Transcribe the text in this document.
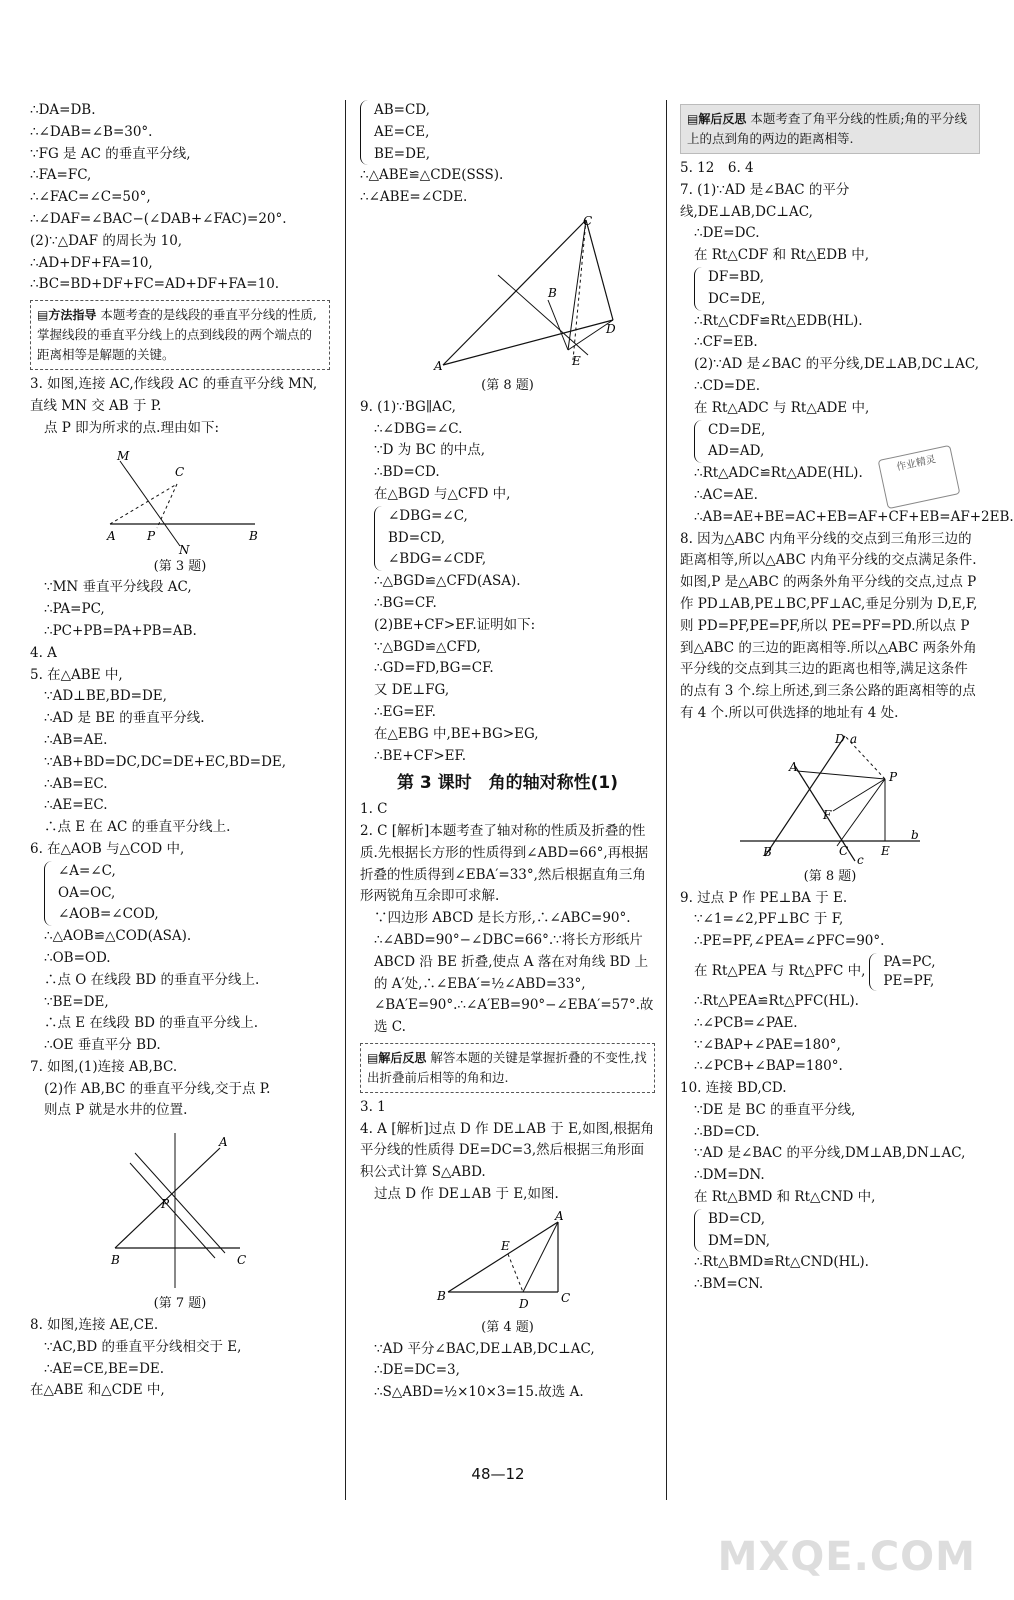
∴DA=DB.
∴∠DAB=∠B=30°.
∵FG 是 AC 的垂直平分线,
∴FA=FC,
∴∠FAC=∠C=50°,
∴∠DAF=∠BAC−(∠DAB+∠FAC)=20°.
(2)∵△DAF 的周长为 10,
∴AD+DF+FA=10,
∴BC=BD+DF+FC=AD+DF+FA=10.
▤方法指导 本题考查的是线段的垂直平分线的性质,掌握线段的垂直平分线上的点到线段的两个端点的距离相等是解题的关键。
3. 如图,连接 AC,作线段 AC 的垂直平分线 MN,直线 MN 交 AB 于 P.
点 P 即为所求的点.理由如下:
M
C
A	P	B
N
(第 3 题)
∵MN 垂直平分线段 AC,
∴PA=PC,
∴PC+PB=PA+PB=AB.
4. A
5. 在△ABE 中,
∵AD⊥BE,BD=DE,
∴AD 是 BE 的垂直平分线.
∴AB=AE.
∵AB+BD=DC,DC=DE+EC,BD=DE,
∴AB=EC.
∴AE=EC.
∴点 E 在 AC 的垂直平分线上.
6. 在△AOB 与△COD 中,
∠A=∠C,
OA=OC,
∠AOB=∠COD,
∴△AOB≌△COD(ASA).
∴OB=OD.
∴点 O 在线段 BD 的垂直平分线上.
∵BE=DE,
∴点 E 在线段 BD 的垂直平分线上.
∴OE 垂直平分 BD.
7. 如图,(1)连接 AB,BC.
(2)作 AB,BC 的垂直平分线,交于点 P.
则点 P 就是水井的位置.
A
B	C
P
(第 7 题)
8. 如图,连接 AE,CE.
∵AC,BD 的垂直平分线相交于 E,
∴AE=CE,BE=DE.
在△ABE 和△CDE 中,
AB=CD,
AE=CE,
BE=DE,
∴△ABE≌△CDE(SSS).
∴∠ABE=∠CDE.
C
A
B
D
E
(第 8 题)
9. (1)∵BG∥AC,
∴∠DBG=∠C.
∵D 为 BC 的中点,
∴BD=CD.
在△BGD 与△CFD 中,
∠DBG=∠C,
BD=CD,
∠BDG=∠CDF,
∴△BGD≌△CFD(ASA).
∴BG=CF.
(2)BE+CF>EF.证明如下:
∵△BGD≌△CFD,
∴GD=FD,BG=CF.
又 DE⊥FG,
∴EG=EF.
在△EBG 中,BE+BG>EG,
∴BE+CF>EF.
第 3 课时　角的轴对称性(1)
1. C
2. C [解析]本题考查了轴对称的性质及折叠的性质.先根据长方形的性质得到∠ABD=66°,再根据折叠的性质得到∠EBA′=33°,然后根据直角三角形两锐角互余即可求解.
∵四边形 ABCD 是长方形,∴∠ABC=90°.
∴∠ABD=90°−∠DBC=66°.∵将长方形纸片 ABCD 沿 BE 折叠,使点 A 落在对角线 BD 上的 A′处,∴∠EBA′=½∠ABD=33°,
∠BA′E=90°.∴∠A′EB=90°−∠EBA′=57°.故选 C.
▤解后反思 解答本题的关键是掌握折叠的不变性,找出折叠前后相等的角和边.
3. 1
4. A [解析]过点 D 作 DE⊥AB 于 E,如图,根据角平分线的性质得 DE=DC=3,然后根据三角形面积公式计算 S△ABD.
过点 D 作 DE⊥AB 于 E,如图.
A
B	C
D
E
(第 4 题)
∵AD 平分∠BAC,DE⊥AB,DC⊥AC,
∴DE=DC=3,
∴S△ABD=½×10×3=15.故选 A.
▤解后反思 本题考查了角平分线的性质;角的平分线上的点到角的两边的距离相等.
5. 12　6. 4
7. (1)∵AD 是∠BAC 的平分线,DE⊥AB,DC⊥AC,
∴DE=DC.
在 Rt△CDF 和 Rt△EDB 中,
DF=BD,
DC=DE,
∴Rt△CDF≌Rt△EDB(HL).
∴CF=EB.
(2)∵AD 是∠BAC 的平分线,DE⊥AB,DC⊥AC,
∴CD=DE.
在 Rt△ADC 与 Rt△ADE 中,
CD=DE,
AD=AD,
∴Rt△ADC≌Rt△ADE(HL).
∴AC=AE.
∴AB=AE+BE=AC+EB=AF+CF+EB=AF+2EB.
8. 因为△ABC 内角平分线的交点到三角形三边的距离相等,所以△ABC 内角平分线的交点满足条件.如图,P 是△ABC 的两条外角平分线的交点,过点 P 作 PD⊥AB,PE⊥BC,PF⊥AC,垂足分别为 D,E,F,则 PD=PF,PE=PF,所以 PE=PF=PD.所以点 P 到△ABC 的三边的距离相等.所以△ABC 两条外角平分线的交点到其三边的距离也相等,满足这条件的点有 3 个.综上所述,到三条公路的距离相等的点有 4 个.所以可供选择的地址有 4 处.
D a
A
P
F
B	C	E
b
c
(第 8 题)
9. 过点 P 作 PE⊥BA 于 E.
∵∠1=∠2,PF⊥BC 于 F,
∴PE=PF,∠PEA=∠PFC=90°.
在 Rt△PEA 与 Rt△PFC 中,
PA=PC,
PE=PF,
∴Rt△PEA≌Rt△PFC(HL).
∴∠PCB=∠PAE.
∵∠BAP+∠PAE=180°,
∴∠PCB+∠BAP=180°.
10. 连接 BD,CD.
∵DE 是 BC 的垂直平分线,
∴BD=CD.
∵AD 是∠BAC 的平分线,DM⊥AB,DN⊥AC,
∴DM=DN.
在 Rt△BMD 和 Rt△CND 中,
BD=CD,
DM=DN,
∴Rt△BMD≌Rt△CND(HL).
∴BM=CN.
作业精灵
48—12
MXQE.COM
